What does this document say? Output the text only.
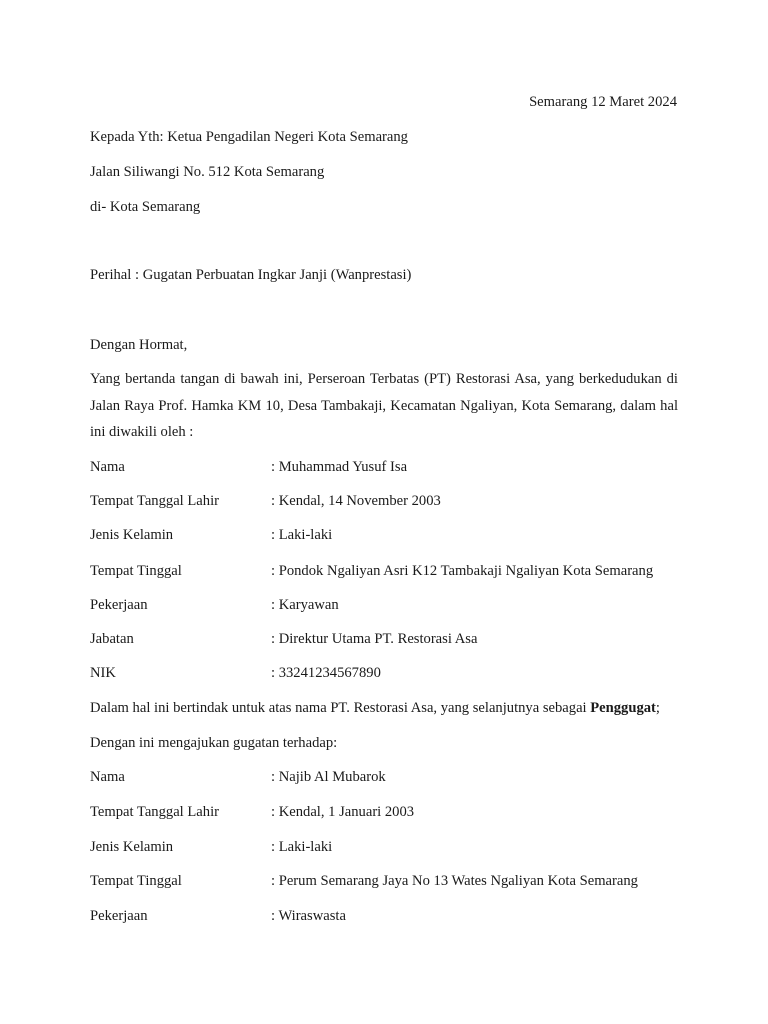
Semarang 12 Maret 2024
Kepada Yth: Ketua Pengadilan Negeri Kota Semarang
Jalan Siliwangi No. 512 Kota Semarang
di- Kota Semarang
Perihal : Gugatan Perbuatan Ingkar Janji (Wanprestasi)
Dengan Hormat,
Yang bertanda tangan di bawah ini, Perseroan Terbatas (PT) Restorasi Asa, yang berkedudukan di Jalan Raya Prof. Hamka KM 10, Desa Tambakaji, Kecamatan Ngaliyan, Kota Semarang, dalam hal ini diwakili oleh :
Nama	: Muhammad Yusuf Isa
Tempat Tanggal Lahir	: Kendal, 14 November 2003
Jenis Kelamin	: Laki-laki
Tempat Tinggal	: Pondok Ngaliyan Asri K12 Tambakaji Ngaliyan Kota Semarang
Pekerjaan	: Karyawan
Jabatan	: Direktur Utama PT. Restorasi Asa
NIK	: 33241234567890
Dalam hal ini bertindak untuk atas nama PT. Restorasi Asa, yang selanjutnya sebagai Penggugat;
Dengan ini mengajukan gugatan terhadap:
Nama	: Najib Al Mubarok
Tempat Tanggal Lahir	: Kendal, 1 Januari 2003
Jenis Kelamin	: Laki-laki
Tempat Tinggal	: Perum Semarang Jaya No 13 Wates Ngaliyan Kota Semarang
Pekerjaan	: Wiraswasta
